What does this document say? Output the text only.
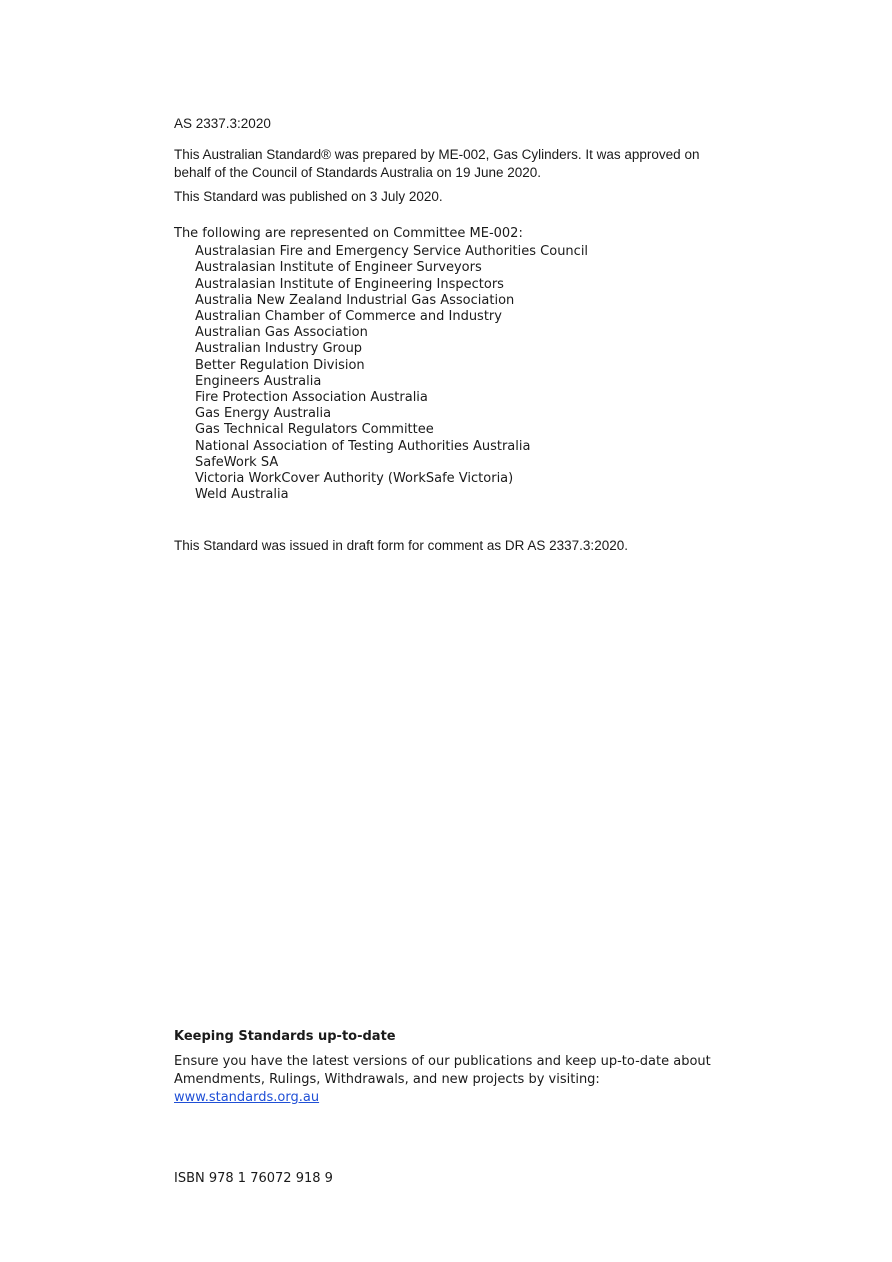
AS 2337.3:2020
This Australian Standard® was prepared by ME-002, Gas Cylinders. It was approved on behalf of the Council of Standards Australia on 19 June 2020.
This Standard was published on 3 July 2020.
The following are represented on Committee ME-002:
Australasian Fire and Emergency Service Authorities Council
Australasian Institute of Engineer Surveyors
Australasian Institute of Engineering Inspectors
Australia New Zealand Industrial Gas Association
Australian Chamber of Commerce and Industry
Australian Gas Association
Australian Industry Group
Better Regulation Division
Engineers Australia
Fire Protection Association Australia
Gas Energy Australia
Gas Technical Regulators Committee
National Association of Testing Authorities Australia
SafeWork SA
Victoria WorkCover Authority (WorkSafe Victoria)
Weld Australia
This Standard was issued in draft form for comment as DR AS 2337.3:2020.
Keeping Standards up-to-date

Ensure you have the latest versions of our publications and keep up-to-date about Amendments, Rulings, Withdrawals, and new projects by visiting:
www.standards.org.au

ISBN 978 1 76072 918 9
